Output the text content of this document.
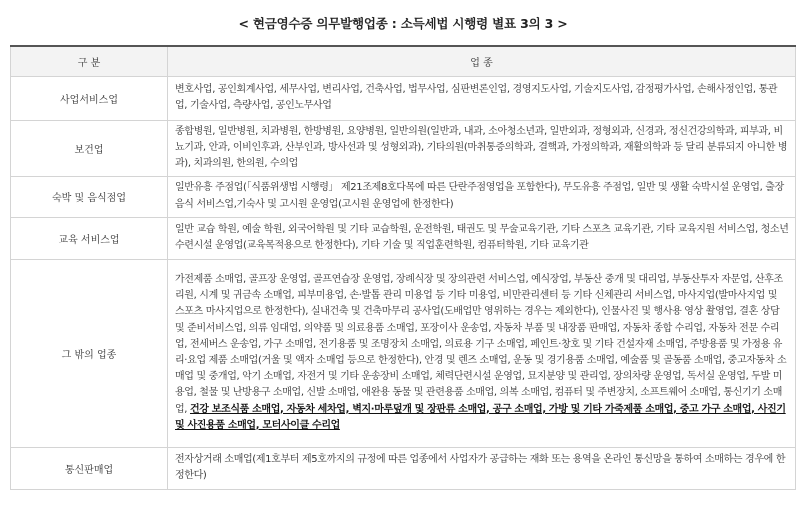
< 현금영수증 의무발행업종 : 소득세법 시행령 별표 3의 3 >
구 분	업 종
사업서비스업	변호사업, 공인회계사업, 세무사업, 변리사업, 건축사업, 법무사업, 심판변론인업, 경영지도사업, 기술지도사업, 감정평가사업, 손해사정인업, 통관업, 기술사업, 측량사업, 공인노무사업
보건업	종합병원, 일반병원, 치과병원, 한방병원, 요양병원, 일반의원(일반과, 내과, 소아청소년과, 일반외과, 정형외과, 신경과, 정신건강의학과, 피부과, 비뇨기과, 안과, 이비인후과, 산부인과, 방사선과 및 성형외과), 기타의원(마취통증의학과, 결핵과, 가정의학과, 재활의학과 등 달리 분류되지 아니한 병과), 치과의원, 한의원, 수의업
숙박 및 음식점업	일반유흥 주점업(「식품위생법 시행령」 제21조제8호다목에 따른 단란주점영업을 포함한다), 무도유흥 주점업, 일반 및 생활 숙박시설 운영업, 출장음식 서비스업,기숙사 및 고시원 운영업(고시원 운영업에 한정한다)
교육 서비스업	일반 교습 학원, 예술 학원, 외국어학원 및 기타 교습학원, 운전학원, 태권도 및 무술교육기관, 기타 스포츠 교육기관, 기타 교육지원 서비스업, 청소년 수련시설 운영업(교육목적용으로 한정한다), 기타 기술 및 직업훈련학원, 컴퓨터학원, 기타 교육기관
그 밖의 업종	가전제품 소매업, 골프장 운영업, 골프연습장 운영업, 장례식장 및 장의관련 서비스업, 예식장업, 부동산 중개 및 대리업, 부동산투자 자문업, 산후조리원, 시계 및 귀금속 소매업, 피부미용업, 손·발톱 관리 미용업 등 기타 미용업, 비만관리센터 등 기타 신체관리 서비스업, 마사지업(발마사지업 및 스포츠 마사지업으로 한정한다), 실내건축 및 건축마무리 공사업(도배업만 영위하는 경우는 제외한다), 인물사진 및 행사용 영상 촬영업, 결혼 상담 및 준비서비스업, 의류 임대업, 의약품 및 의료용품 소매업, 포장이사 운송업, 자동차 부품 및 내장품 판매업, 자동차 종합 수리업, 자동차 전문 수리업, 전세버스 운송업, 가구 소매업, 전기용품 및 조명장치 소매업, 의료용 기구 소매업, 페인트·창호 및 기타 건설자재 소매업, 주방용품 및 가정용 유리·요업 제품 소매업(거울 및 액자 소매업 등으로 한정한다), 안경 및 렌즈 소매업, 운동 및 경기용품 소매업, 예술품 및 골동품 소매업, 중고자동차 소매업 및 중개업, 악기 소매업, 자전거 및 기타 운송장비 소매업, 체력단련시설 운영업, 묘지분양 및 관리업, 장의차량 운영업, 독서실 운영업, 두발 미용업, 철물 및 난방용구 소매업, 신발 소매업, 애완용 동물 및 관련용품 소매업, 의복 소매업, 컴퓨터 및 주변장치, 소프트웨어 소매업, 통신기기 소매업, 건강 보조식품 소매업, 자동차 세차업, 벽지·마루덮개 및 장판류 소매업, 공구 소매업, 가방 및 기타 가죽제품 소매업, 중고 가구 소매업, 사진기 및 사진용품 소매업, 모터사이클 수리업
통신판매업	전자상거래 소매업(제1호부터 제5호까지의 규정에 따른 업종에서 사업자가 공급하는 재화 또는 용역을 온라인 통신망을 통하여 소매하는 경우에 한정한다)
